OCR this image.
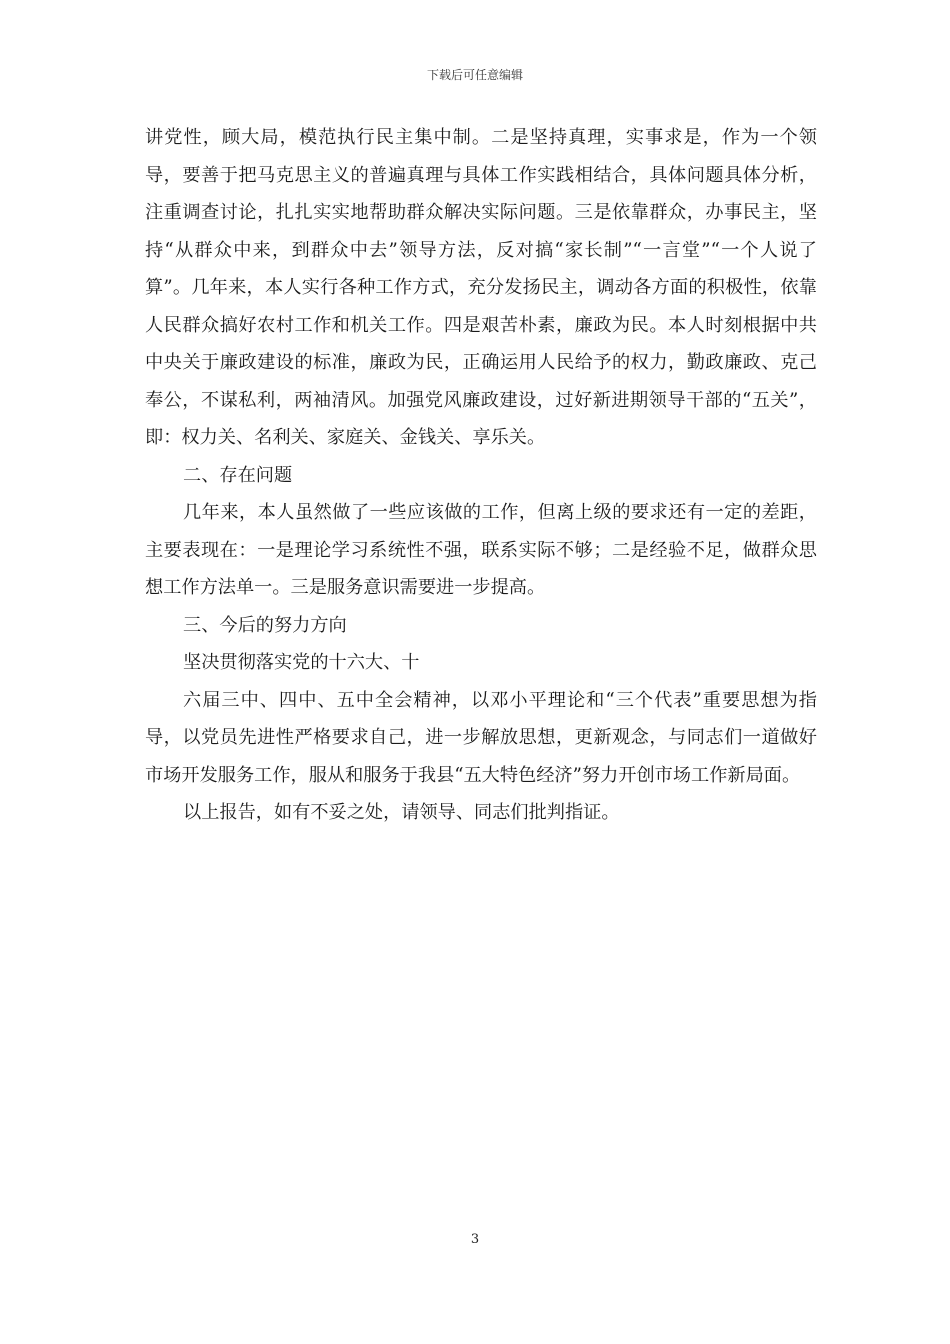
下载后可任意编辑

讲党性，顾大局，模范执行民主集中制。二是坚持真理，实事求是，作为一个领导，要善于把马克思主义的普遍真理与具体工作实践相结合，具体问题具体分析，注重调查讨论，扎扎实实地帮助群众解决实际问题。三是依靠群众，办事民主，坚持“从群众中来，到群众中去”领导方法，反对搞“家长制”“一言堂”“一个人说了算”。几年来，本人实行各种工作方式，充分发扬民主，调动各方面的积极性，依靠人民群众搞好农村工作和机关工作。四是艰苦朴素，廉政为民。本人时刻根据中共中央关于廉政建设的标准，廉政为民，正确运用人民给予的权力，勤政廉政、克己奉公，不谋私利，两袖清风。加强党风廉政建设，过好新进期领导干部的“五关”，即：权力关、名利关、家庭关、金钱关、享乐关。

二、存在问题

几年来，本人虽然做了一些应该做的工作，但离上级的要求还有一定的差距，主要表现在：一是理论学习系统性不强，联系实际不够；二是经验不足，做群众思想工作方法单一。三是服务意识需要进一步提高。

三、今后的努力方向

坚决贯彻落实党的十六大、十

六届三中、四中、五中全会精神，以邓小平理论和“三个代表”重要思想为指导，以党员先进性严格要求自己，进一步解放思想，更新观念，与同志们一道做好市场开发服务工作，服从和服务于我县“五大特色经济”努力开创市场工作新局面。

以上报告，如有不妥之处，请领导、同志们批判指证。

3
